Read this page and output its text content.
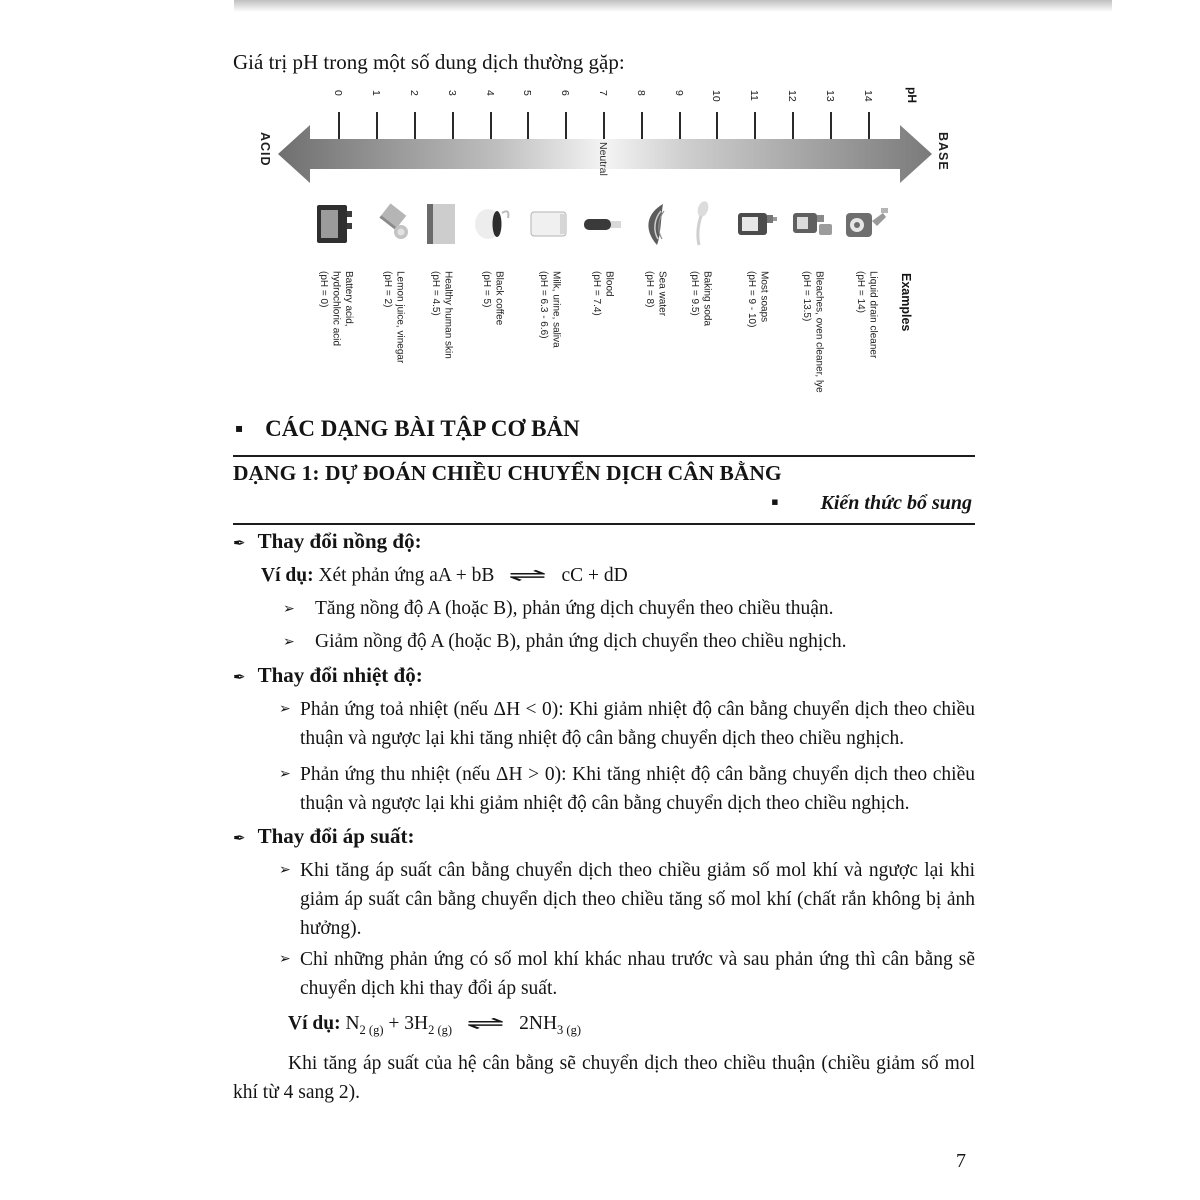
Giá trị pH trong một số dung dịch thường gặp:
0 1 2 3 4 5 6 7 8 9 10 11 12 13 14	pH
ACID	BASE
Neutral
Battery acid,
hydrochloric acid
(pH = 0)
Lemon juice, vinegar
(pH = 2)	Healthy human skin
(pH = 4.5)
Black coffee
(pH = 5)
Milk, urine, saliva
(pH = 6.3 - 6.6)
Blood
(pH = 7.4)
Sea water
(pH = 8)
Baking soda
(pH = 9.5)
Most soaps
(pH = 9 - 10)
Bleaches, oven cleaner, lye
(pH = 13.5)
Liquid drain cleaner
(pH = 14)	Examples
▪ CÁC DẠNG BÀI TẬP CƠ BẢN
DẠNG 1: DỰ ĐOÁN CHIỀU CHUYỂN DỊCH CÂN BẰNG
▪ Kiến thức bổ sung
✒ Thay đổi nồng độ:
Ví dụ: Xét phản ứng aA + bB ⇌ cC + dD
➢ Tăng nồng độ A (hoặc B), phản ứng dịch chuyển theo chiều thuận.
➢ Giảm nồng độ A (hoặc B), phản ứng dịch chuyển theo chiều nghịch.
✒ Thay đổi nhiệt độ:
➢ Phản ứng toả nhiệt (nếu ΔH < 0): Khi giảm nhiệt độ cân bằng chuyển dịch theo chiều thuận và ngược lại khi tăng nhiệt độ cân bằng chuyển dịch theo chiều nghịch.
➢ Phản ứng thu nhiệt (nếu ΔH > 0): Khi tăng nhiệt độ cân bằng chuyển dịch theo chiều thuận và ngược lại khi giảm nhiệt độ cân bằng chuyển dịch theo chiều nghịch.
✒ Thay đổi áp suất:
➢ Khi tăng áp suất cân bằng chuyển dịch theo chiều giảm số mol khí và ngược lại khi giảm áp suất cân bằng chuyển dịch theo chiều tăng số mol khí (chất rắn không bị ảnh hưởng).
➢ Chỉ những phản ứng có số mol khí khác nhau trước và sau phản ứng thì cân bằng sẽ chuyển dịch khi thay đổi áp suất.
Ví dụ: $N_{2 (g)} + 3H_{2 (g)}$ ⇌ $2NH_{3 (g)}$
Khi tăng áp suất của hệ cân bằng sẽ chuyển dịch theo chiều thuận (chiều giảm số mol khí từ 4 sang 2).
7
